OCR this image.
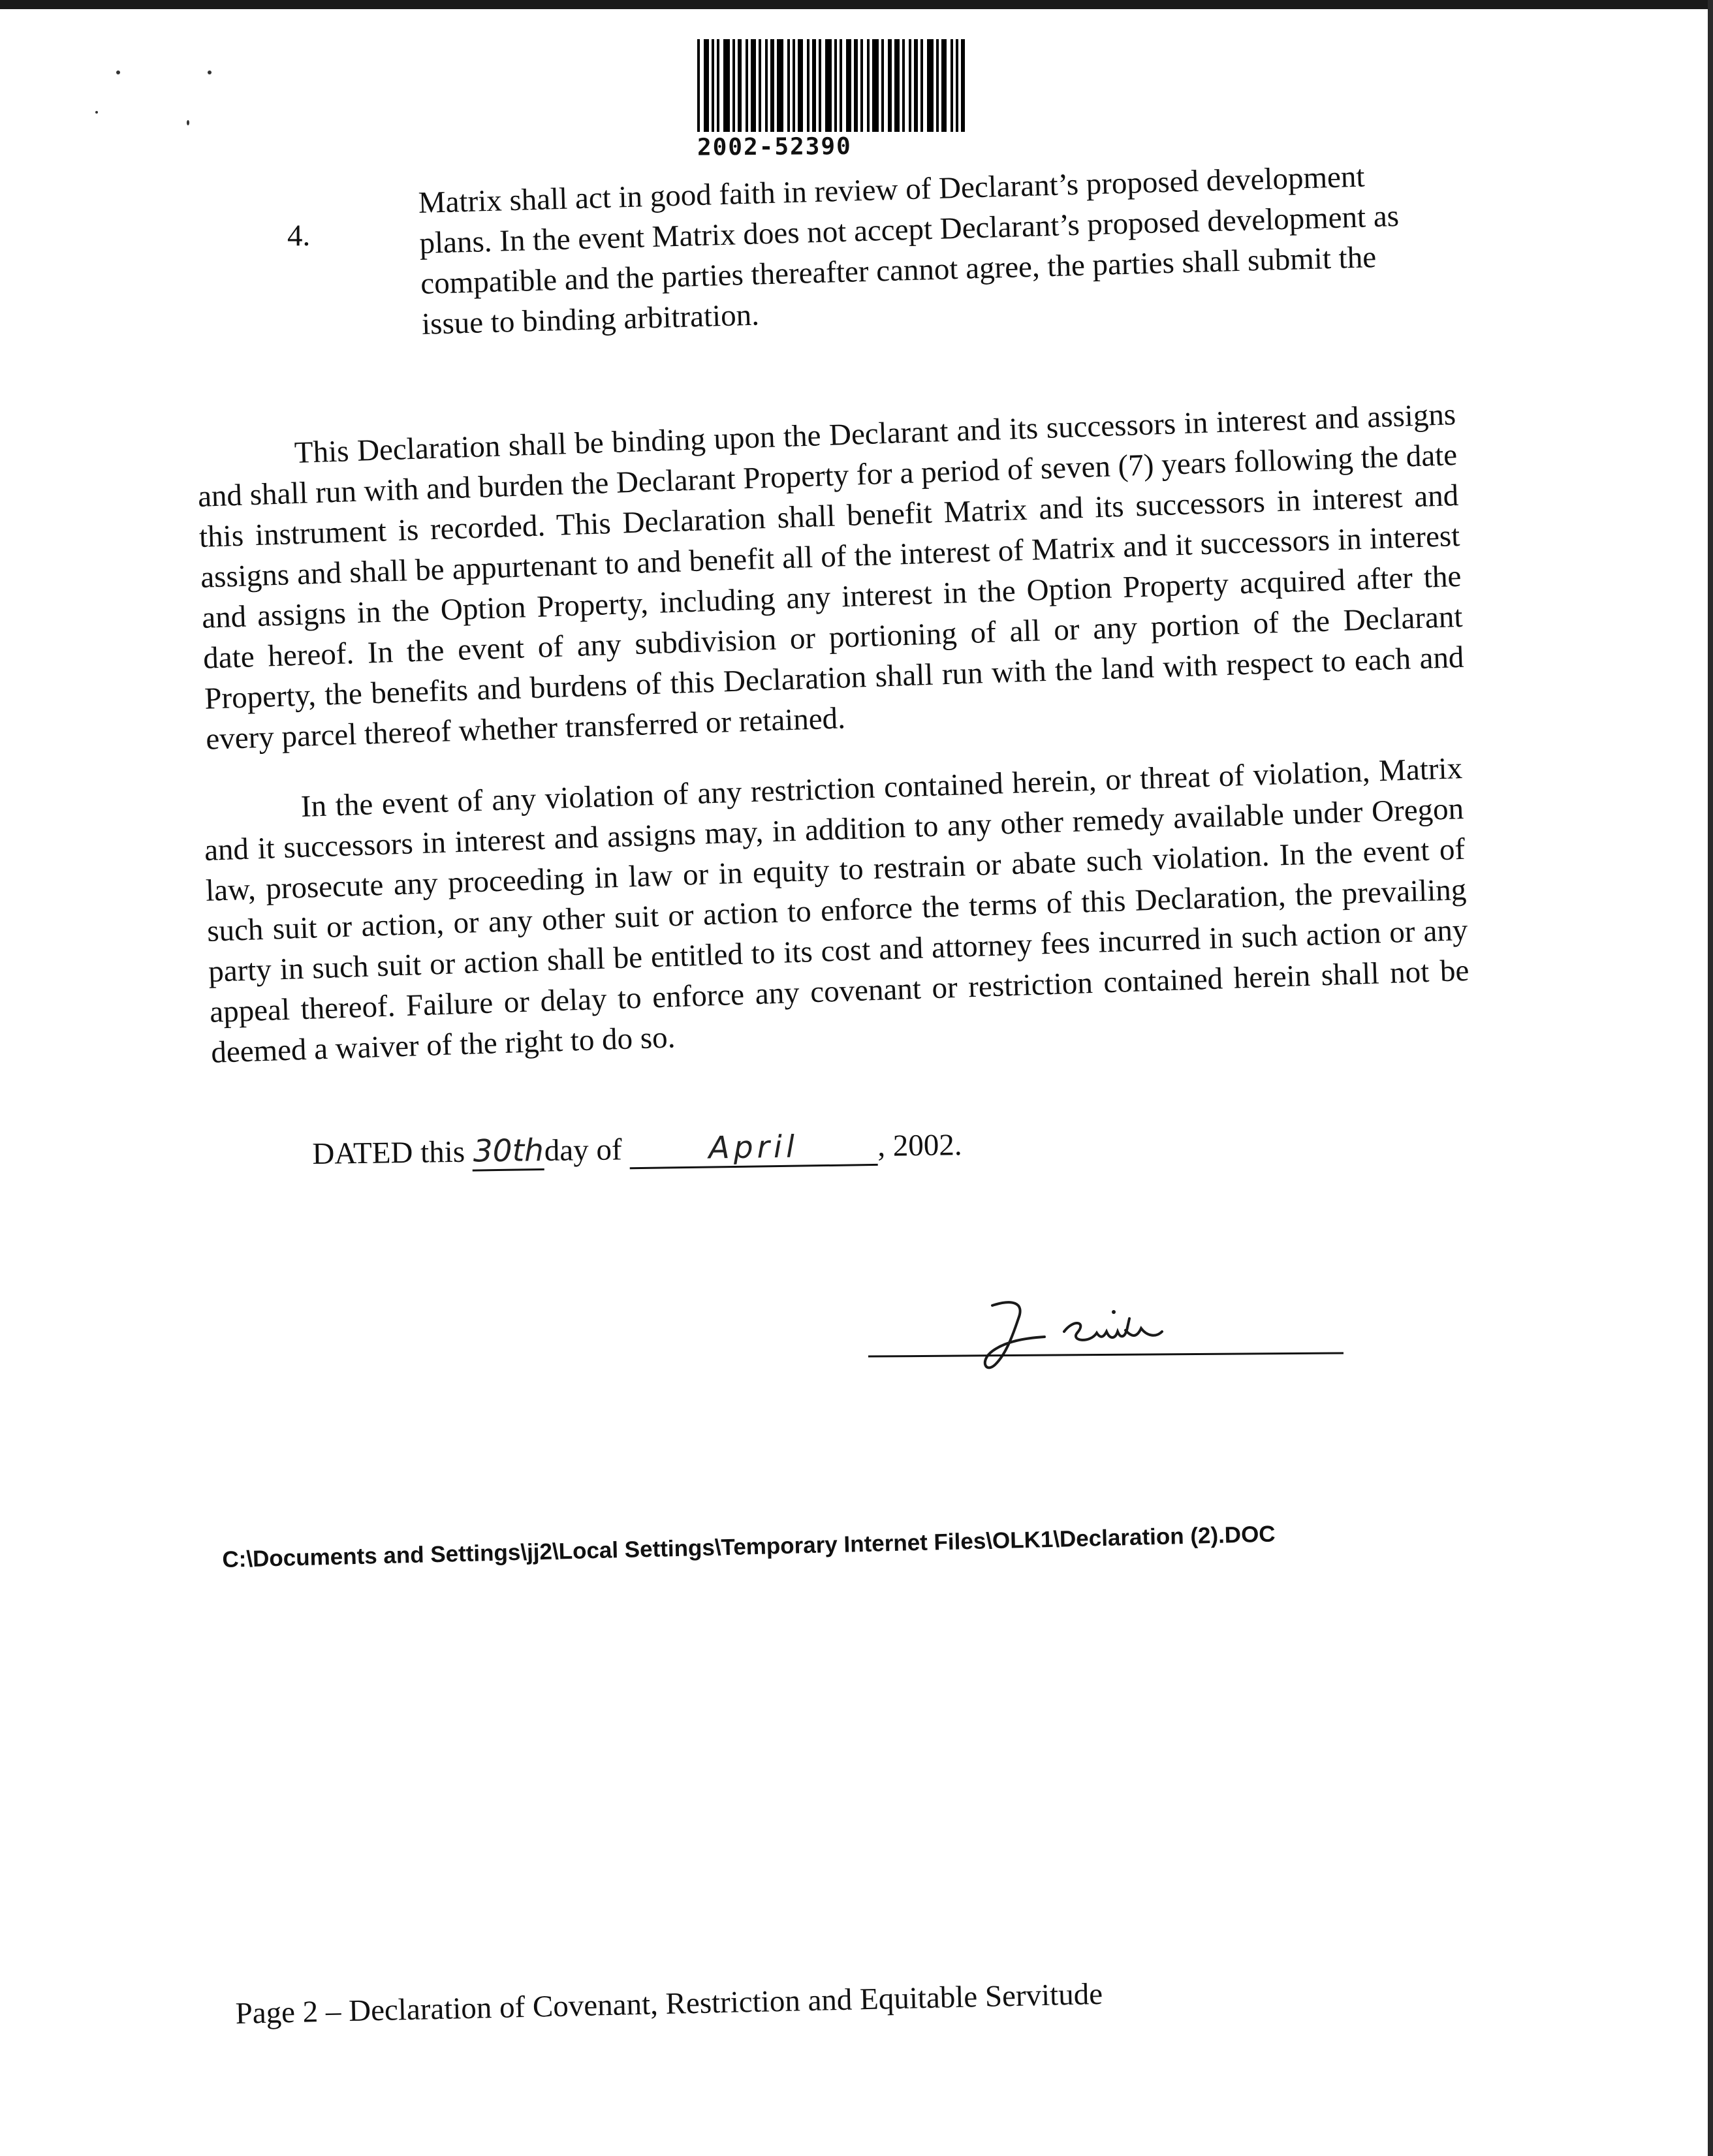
2002-52390
4.
Matrix shall act in good faith in review of Declarant’s proposed development plans. In the event Matrix does not accept Declarant’s proposed development as compatible and the parties thereafter cannot agree, the parties shall submit the issue to binding arbitration.

This Declaration shall be binding upon the Declarant and its successors in interest and assigns and shall run with and burden the Declarant Property for a period of seven (7) years following the date this instrument is recorded. This Declaration shall benefit Matrix and its successors in interest and assigns and shall be appurtenant to and benefit all of the interest of Matrix and it successors in interest and assigns in the Option Property, including any interest in the Option Property acquired after the date hereof. In the event of any subdivision or portioning of all or any portion of the Declarant Property, the benefits and burdens of this Declaration shall run with the land with respect to each and every parcel thereof whether transferred or retained.

In the event of any violation of any restriction contained herein, or threat of violation, Matrix and it successors in interest and assigns may, in addition to any other remedy available under Oregon law, prosecute any proceeding in law or in equity to restrain or abate such violation. In the event of such suit or action, or any other suit or action to enforce the terms of this Declaration, the prevailing party in such suit or action shall be entitled to its cost and attorney fees incurred in such action or any appeal thereof. Failure or delay to enforce any covenant or restriction contained herein shall not be deemed a waiver of the right to do so.

DATED this 30thday of	April	, 2002.
C:\Documents and Settings\jj2\Local Settings\Temporary Internet Files\OLK1\Declaration (2).DOC
Page 2 – Declaration of Covenant, Restriction and Equitable Servitude
